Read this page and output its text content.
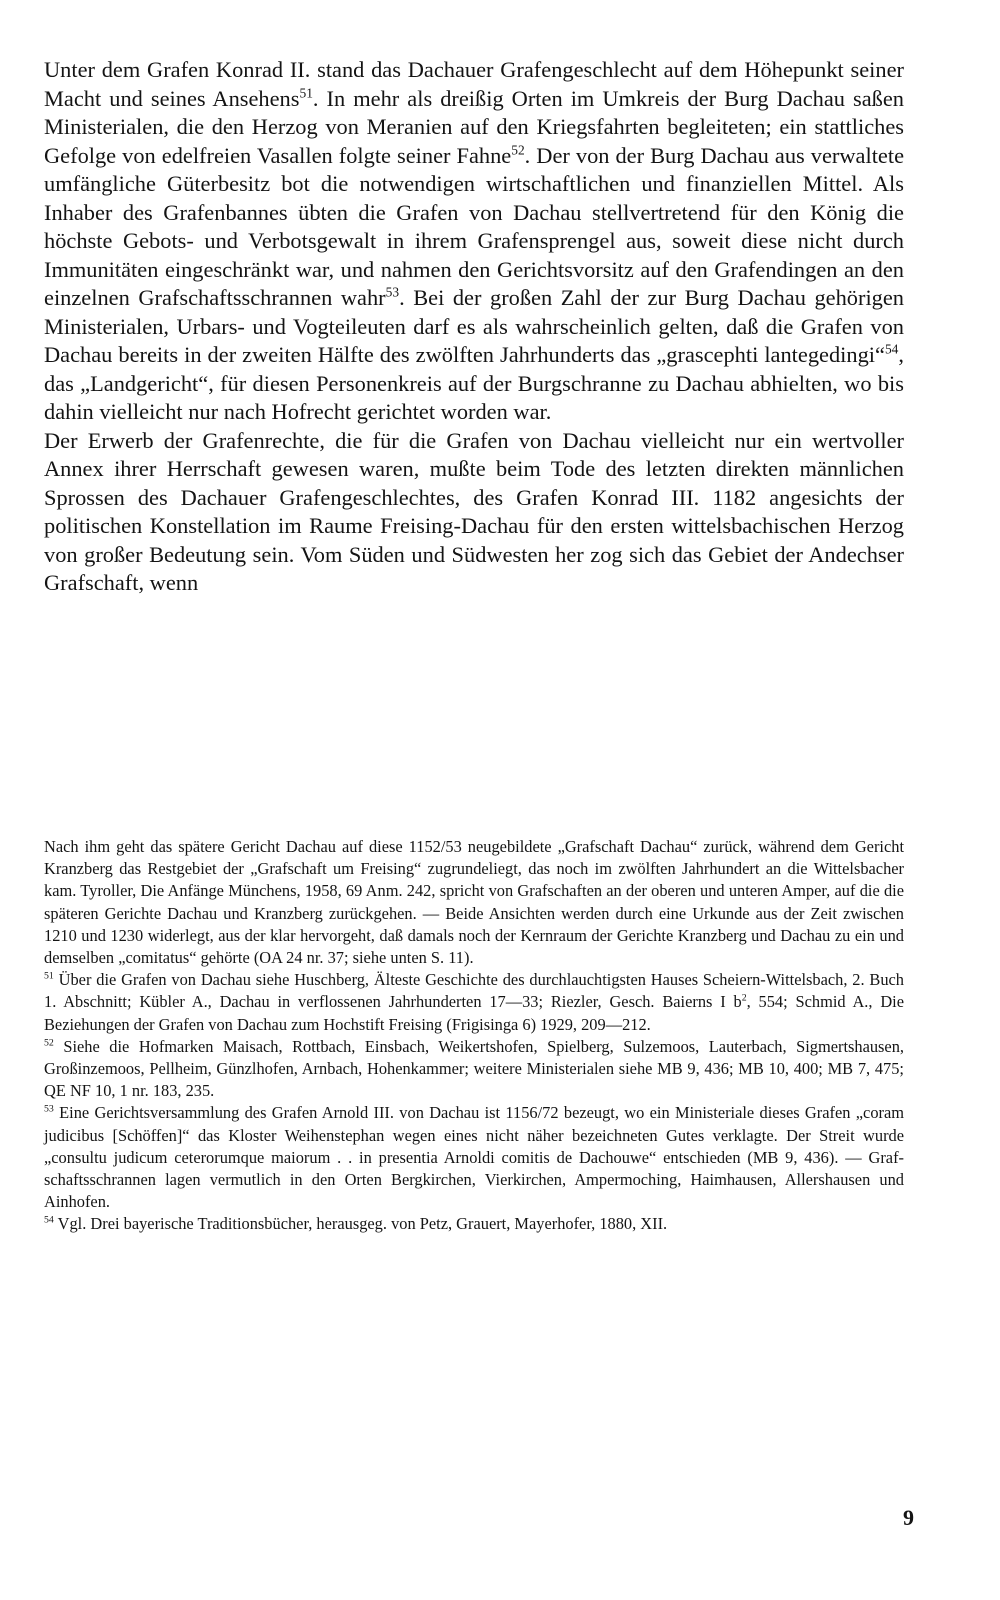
Unter dem Grafen Konrad II. stand das Dachauer Grafengeschlecht auf dem Höhepunkt seiner Macht und seines Ansehens$^{51}$. In mehr als dreißig Orten im Umkreis der Burg Dachau saßen Ministerialen, die den Herzog von Meranien auf den Kriegsfahrten begleiteten; ein stattliches Gefolge von edelfreien Vasallen folgte seiner Fahne$^{52}$. Der von der Burg Dachau aus verwaltete umfängliche Güterbesitz bot die notwendigen wirtschaftlichen und finanziellen Mittel. Als Inhaber des Grafenbannes übten die Grafen von Dachau stellvertretend für den König die höchste Gebots- und Verbotsgewalt in ihrem Grafensprengel aus, soweit diese nicht durch Immunitäten eingeschränkt war, und nahmen den Gerichtsvorsitz auf den Grafendingen an den einzelnen Grafschaftsschrannen wahr$^{53}$. Bei der großen Zahl der zur Burg Dachau gehörigen Ministerialen, Urbars- und Vogteileuten darf es als wahrscheinlich gelten, daß die Grafen von Dachau bereits in der zweiten Hälfte des zwölften Jahrhunderts das „grascephti lantegedingi“$^{54}$, das „Landgericht“, für diesen Personenkreis auf der Burgschranne zu Dachau abhielten, wo bis dahin vielleicht nur nach Hofrecht gerichtet worden war.

Der Erwerb der Grafenrechte, die für die Grafen von Dachau vielleicht nur ein wertvoller Annex ihrer Herrschaft gewesen waren, mußte beim Tode des letzten direkten männlichen Sprossen des Dachauer Grafengeschlechtes, des Grafen Konrad III. 1182 angesichts der politischen Konstellation im Raume Freising-Dachau für den ersten wittelsbachischen Herzog von großer Bedeutung sein. Vom Süden und Südwesten her zog sich das Gebiet der Andechser Grafschaft, wenn

Nach ihm geht das spätere Gericht Dachau auf diese 1152/53 neugebildete „Grafschaft Dachau“ zurück, während dem Gericht Kranzberg das Restgebiet der „Grafschaft um Freising“ zugrundeliegt, das noch im zwölften Jahrhundert an die Wittelsbacher kam. Tyroller, Die Anfänge Münchens, 1958, 69 Anm. 242, spricht von Grafschaften an der oberen und unteren Amper, auf die die späteren Gerichte Dachau und Kranzberg zurückgehen. — Beide Ansichten werden durch eine Urkunde aus der Zeit zwischen 1210 und 1230 widerlegt, aus der klar hervorgeht, daß damals noch der Kernraum der Gerichte Kranzberg und Dachau zu ein und demselben „comitatus“ gehörte (OA 24 nr. 37; siehe unten S. 11).

$^{51}$ Über die Grafen von Dachau siehe Huschberg, Älteste Geschichte des durchlauchtigsten Hauses Scheiern-Wittelsbach, 2. Buch 1. Abschnitt; Kübler A., Dachau in verflossenen Jahrhunderten 17—33; Riezler, Gesch. Baierns I $b^2$, 554; Schmid A., Die Beziehungen der Grafen von Dachau zum Hochstift Freising (Frigisinga 6) 1929, 209—212.

$^{52}$ Siehe die Hofmarken Maisach, Rottbach, Einsbach, Weikertshofen, Spielberg, Sulzemoos, Lauterbach, Sigmertshausen, Großinzemoos, Pellheim, Günzlhofen, Arnbach, Hohenkammer; weitere Ministerialen siehe MB 9, 436; MB 10, 400; MB 7, 475; QE NF 10, 1 nr. 183, 235.

$^{53}$ Eine Gerichtsversammlung des Grafen Arnold III. von Dachau ist 1156/72 bezeugt, wo ein Ministeriale dieses Grafen „coram judicibus [Schöffen]“ das Kloster Weihenstephan wegen eines nicht näher bezeichneten Gutes verklagte. Der Streit wurde „consultu judicum ceterorumque maiorum . . in presentia Arnoldi comitis de Dachouwe“ entschieden (MB 9, 436). — Grafschaftsschrannen lagen vermutlich in den Orten Bergkirchen, Vierkirchen, Ampermoching, Haimhausen, Allershausen und Ainhofen.

$^{54}$ Vgl. Drei bayerische Traditionsbücher, herausgeg. von Petz, Grauert, Mayerhofer, 1880, XII.

9
